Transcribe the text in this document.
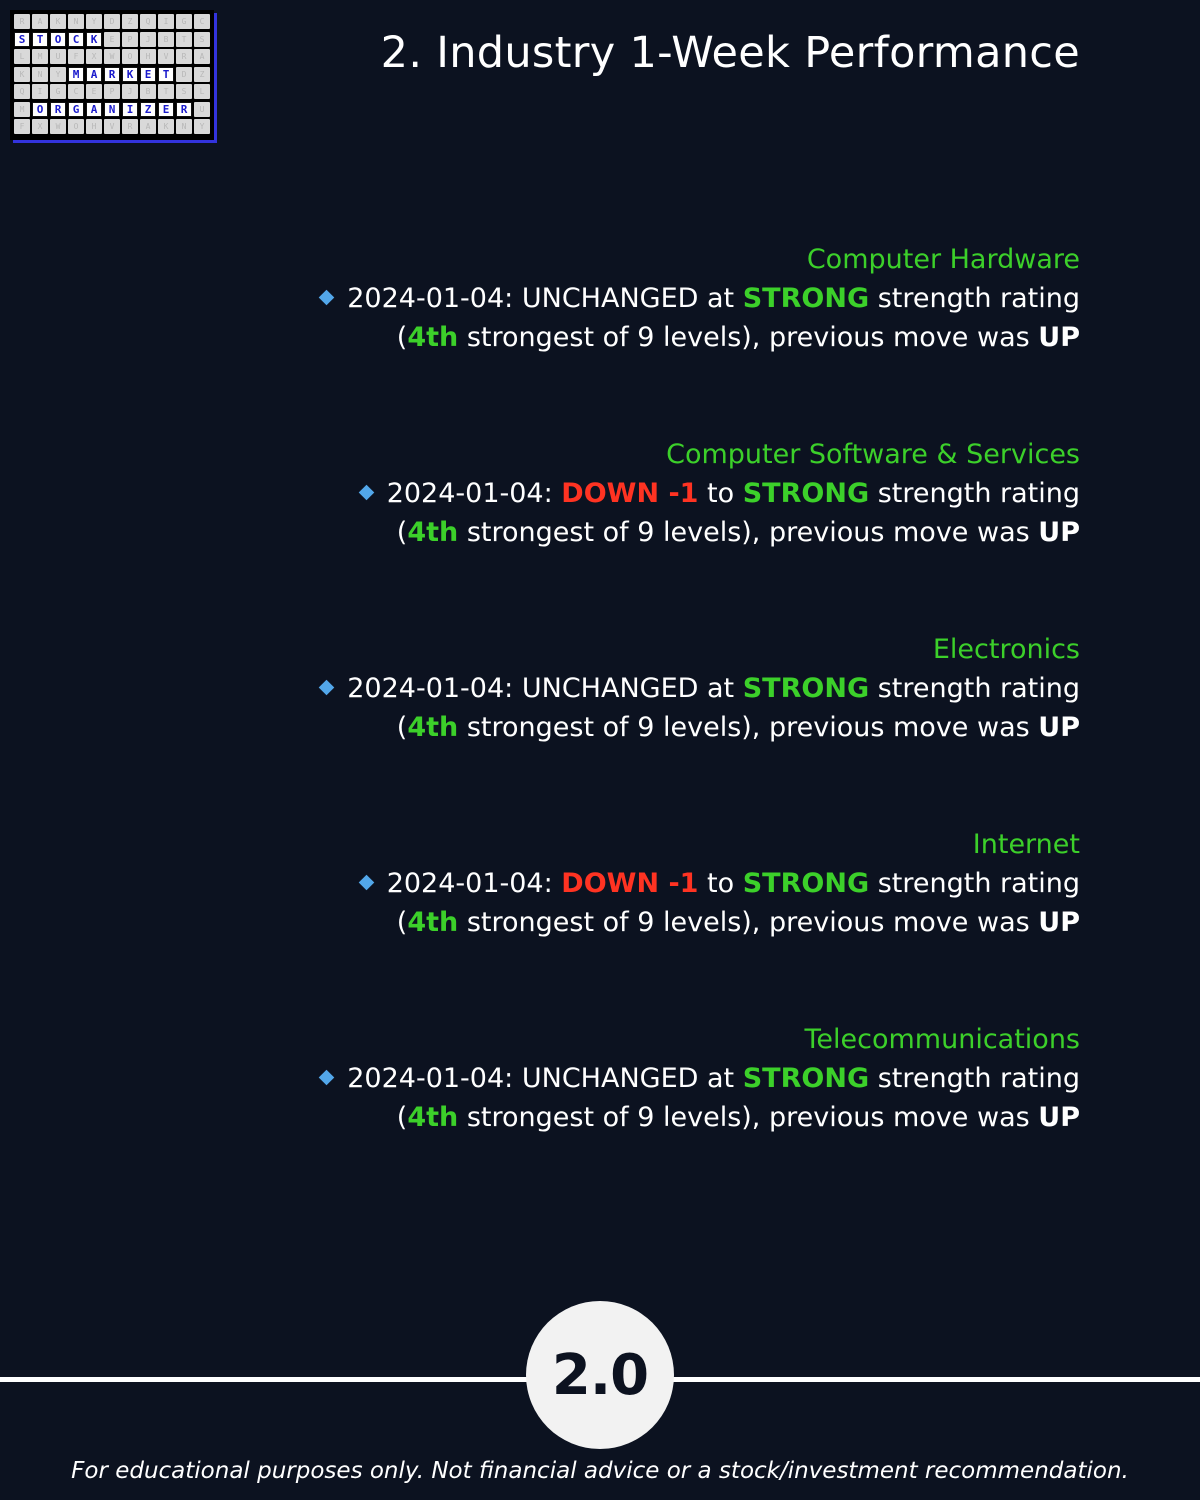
R	A	K	N	Y	D	Z	Q	I	G	C
S	T	O	C	K	E	P	J	B	T	S
L	M	U	F	X	W	O	H	V	R	A
K	N	Y	M	A	R	K	E	T	D	Z
Q	I	G	C	E	P	J	B	T	S	L
M	O	R	G	A	N	I	Z	E	R	U
F	X	W	O	H	V	R	A	K	N	Y
2. Industry 1-Week Performance
Computer Hardware
2024-01-04: UNCHANGED at STRONG strength rating
(4th strongest of 9 levels), previous move was UP
Computer Software & Services
2024-01-04: DOWN -1 to STRONG strength rating
(4th strongest of 9 levels), previous move was UP
Electronics
2024-01-04: UNCHANGED at STRONG strength rating
(4th strongest of 9 levels), previous move was UP
Internet
2024-01-04: DOWN -1 to STRONG strength rating
(4th strongest of 9 levels), previous move was UP
Telecommunications
2024-01-04: UNCHANGED at STRONG strength rating
(4th strongest of 9 levels), previous move was UP
2.0
For educational purposes only. Not financial advice or a stock/investment recommendation.
